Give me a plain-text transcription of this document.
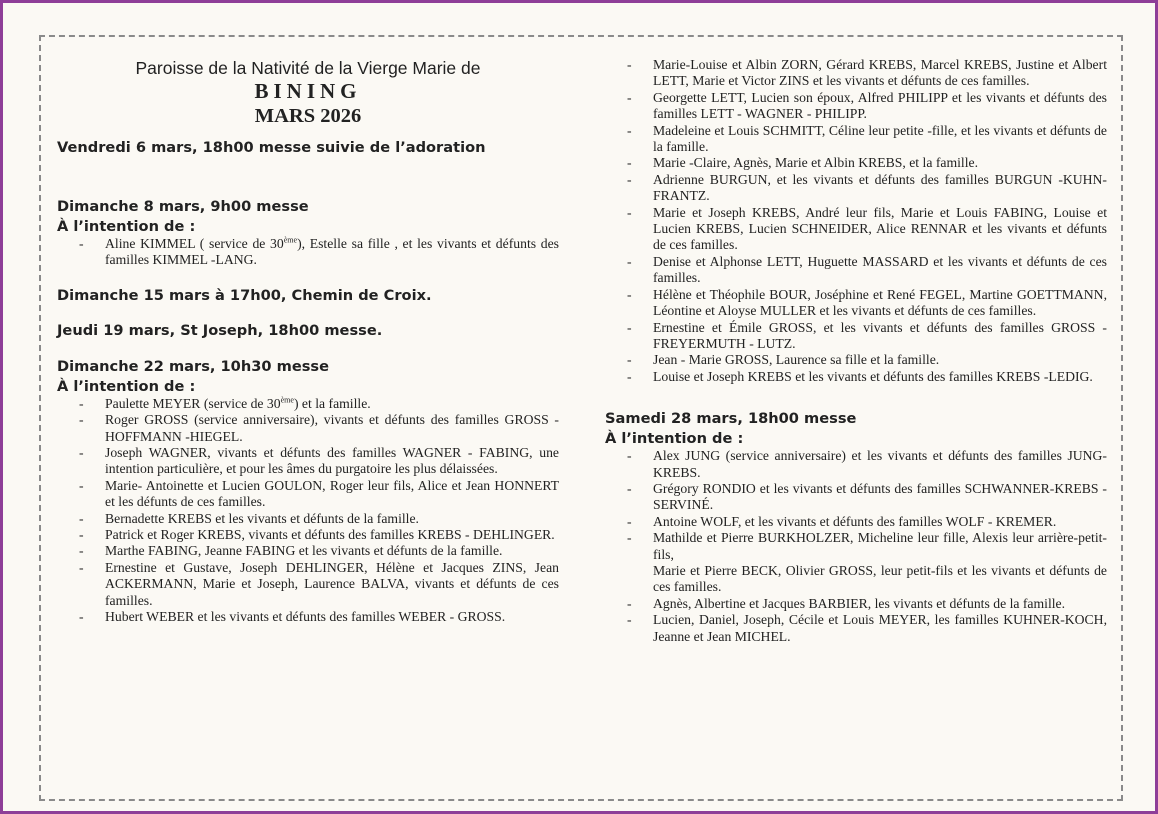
Paroisse de la Nativité de la Vierge Marie de
BINING
MARS 2026
Vendredi 6 mars, 18h00 messe suivie de l’adoration
Dimanche 8 mars, 9h00 messe
À l’intention de :
- Aline KIMMEL ( service de 30ème), Estelle sa fille , et les vivants et défunts des familles KIMMEL -LANG.
Dimanche 15 mars à 17h00, Chemin de Croix.
Jeudi 19 mars, St Joseph, 18h00 messe.
Dimanche 22 mars, 10h30 messe
À l’intention de :
- Paulette MEYER (service de 30ème) et la famille.
- Roger GROSS (service anniversaire), vivants et défunts des familles GROSS -HOFFMANN -HIEGEL.
- Joseph WAGNER, vivants et défunts des familles WAGNER - FABING, une intention particulière, et pour les âmes du purgatoire les plus délaissées.
- Marie- Antoinette et Lucien GOULON, Roger leur fils, Alice et Jean HONNERT et les défunts de ces familles.
- Bernadette KREBS et les vivants et défunts de la famille.
- Patrick et Roger KREBS, vivants et défunts des familles KREBS - DEHLINGER.
- Marthe FABING, Jeanne FABING et les vivants et défunts de la famille.
- Ernestine et Gustave, Joseph DEHLINGER, Hélène et Jacques ZINS, Jean ACKERMANN, Marie et Joseph, Laurence BALVA, vivants et défunts de ces familles.
- Hubert WEBER et les vivants et défunts des familles WEBER - GROSS.
- Marie-Louise et Albin ZORN, Gérard KREBS, Marcel KREBS, Justine et Albert LETT, Marie et Victor ZINS et les vivants et défunts de ces familles.
- Georgette LETT, Lucien son époux, Alfred PHILIPP et les vivants et défunts des familles LETT - WAGNER - PHILIPP.
- Madeleine et Louis SCHMITT, Céline leur petite -fille, et les vivants et défunts de la famille.
- Marie -Claire, Agnès, Marie et Albin KREBS, et la famille.
- Adrienne BURGUN, et les vivants et défunts des familles BURGUN -KUHN-FRANTZ.
- Marie et Joseph KREBS, André leur fils, Marie et Louis FABING, Louise et Lucien KREBS, Lucien SCHNEIDER, Alice RENNAR et les vivants et défunts de ces familles.
- Denise et Alphonse LETT, Huguette MASSARD et les vivants et défunts de ces familles.
- Hélène et Théophile BOUR, Joséphine et René FEGEL, Martine GOETTMANN, Léontine et Aloyse MULLER et les vivants et défunts de ces familles.
- Ernestine et Émile GROSS, et les vivants et défunts des familles GROSS - FREYERMUTH - LUTZ.
- Jean - Marie GROSS, Laurence sa fille et la famille.
- Louise et Joseph KREBS et les vivants et défunts des familles KREBS -LEDIG.
Samedi 28 mars, 18h00 messe
À l’intention de :
- Alex JUNG (service anniversaire) et les vivants et défunts des familles JUNG-KREBS.
- Grégory RONDIO et les vivants et défunts des familles SCHWANNER-KREBS -SERVINÉ.
- Antoine WOLF, et les vivants et défunts des familles WOLF - KREMER.
- Mathilde et Pierre BURKHOLZER, Micheline leur fille, Alexis leur arrière-petit-fils,
Marie et Pierre BECK, Olivier GROSS, leur petit-fils et les vivants et défunts de ces familles.
- Agnès, Albertine et Jacques BARBIER, les vivants et défunts de la famille.
- Lucien, Daniel, Joseph, Cécile et Louis MEYER, les familles KUHNER-KOCH, Jeanne et Jean MICHEL.
